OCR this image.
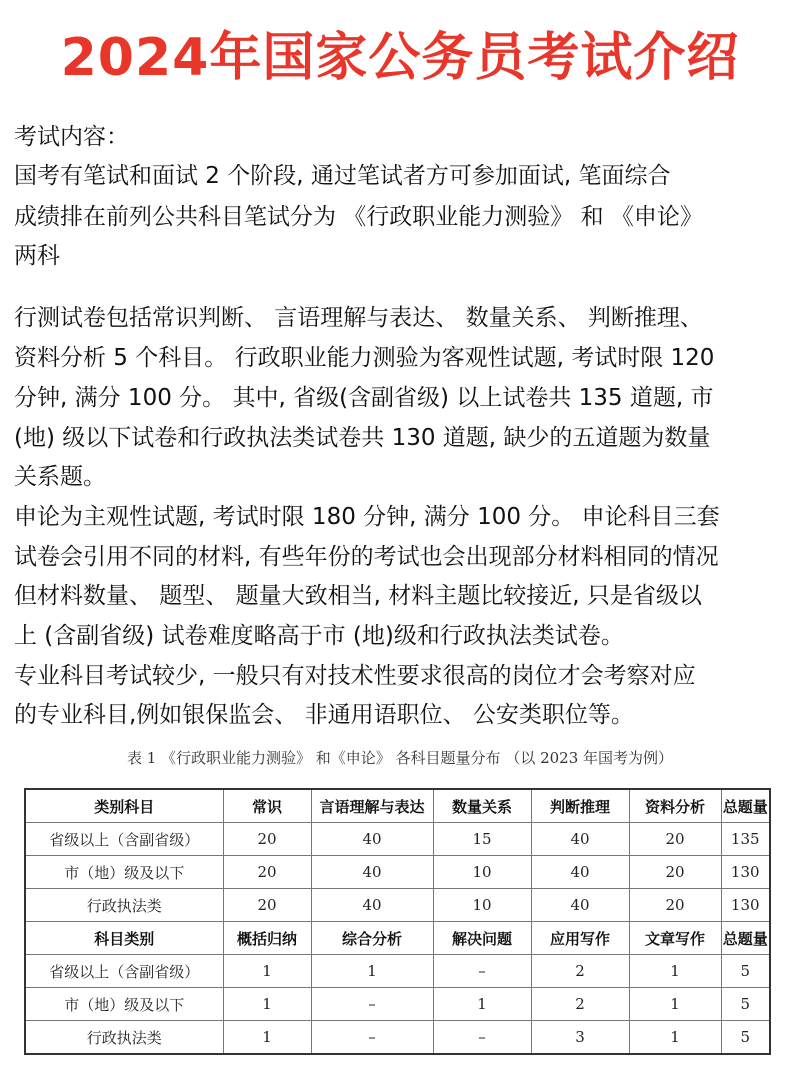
2024年国家公务员考试介绍
考试内容：
国考有笔试和面试 2 个阶段, 通过笔试者方可参加面试, 笔面综合
成绩排在前列公共科目笔试分为 《行政职业能力测验》 和 《申论》
两科
行测试卷包括常识判断、 言语理解与表达、 数量关系、 判断推理、
资料分析 5 个科目。 行政职业能力测验为客观性试题, 考试时限 120
分钟, 满分 100 分。 其中, 省级(含副省级) 以上试卷共 135 道题, 市
(地) 级以下试卷和行政执法类试卷共 130 道题, 缺少的五道题为数量
关系题。
申论为主观性试题, 考试时限 180 分钟, 满分 100 分。 申论科目三套
试卷会引用不同的材料, 有些年份的考试也会出现部分材料相同的情况
但材料数量、 题型、 题量大致相当, 材料主题比较接近, 只是省级以
上 (含副省级) 试卷难度略高于市 (地)级和行政执法类试卷。
专业科目考试较少, 一般只有对技术性要求很高的岗位才会考察对应
的专业科目,例如银保监会、 非通用语职位、 公安类职位等。
表 1 《行政职业能力测验》 和《申论》 各科目题量分布 （以 2023 年国考为例）
类别科目	常识	言语理解与表达	数量关系	判断推理	资料分析	总题量
省级以上（含副省级）	20	40	15	40	20	135
市（地）级及以下	20	40	10	40	20	130
行政执法类	20	40	10	40	20	130
科目类别	概括归纳	综合分析	解决问题	应用写作	文章写作	总题量
省级以上（含副省级）	1	1	–	2	1	5
市（地）级及以下	1	–	1	2	1	5
行政执法类	1	–	–	3	1	5
